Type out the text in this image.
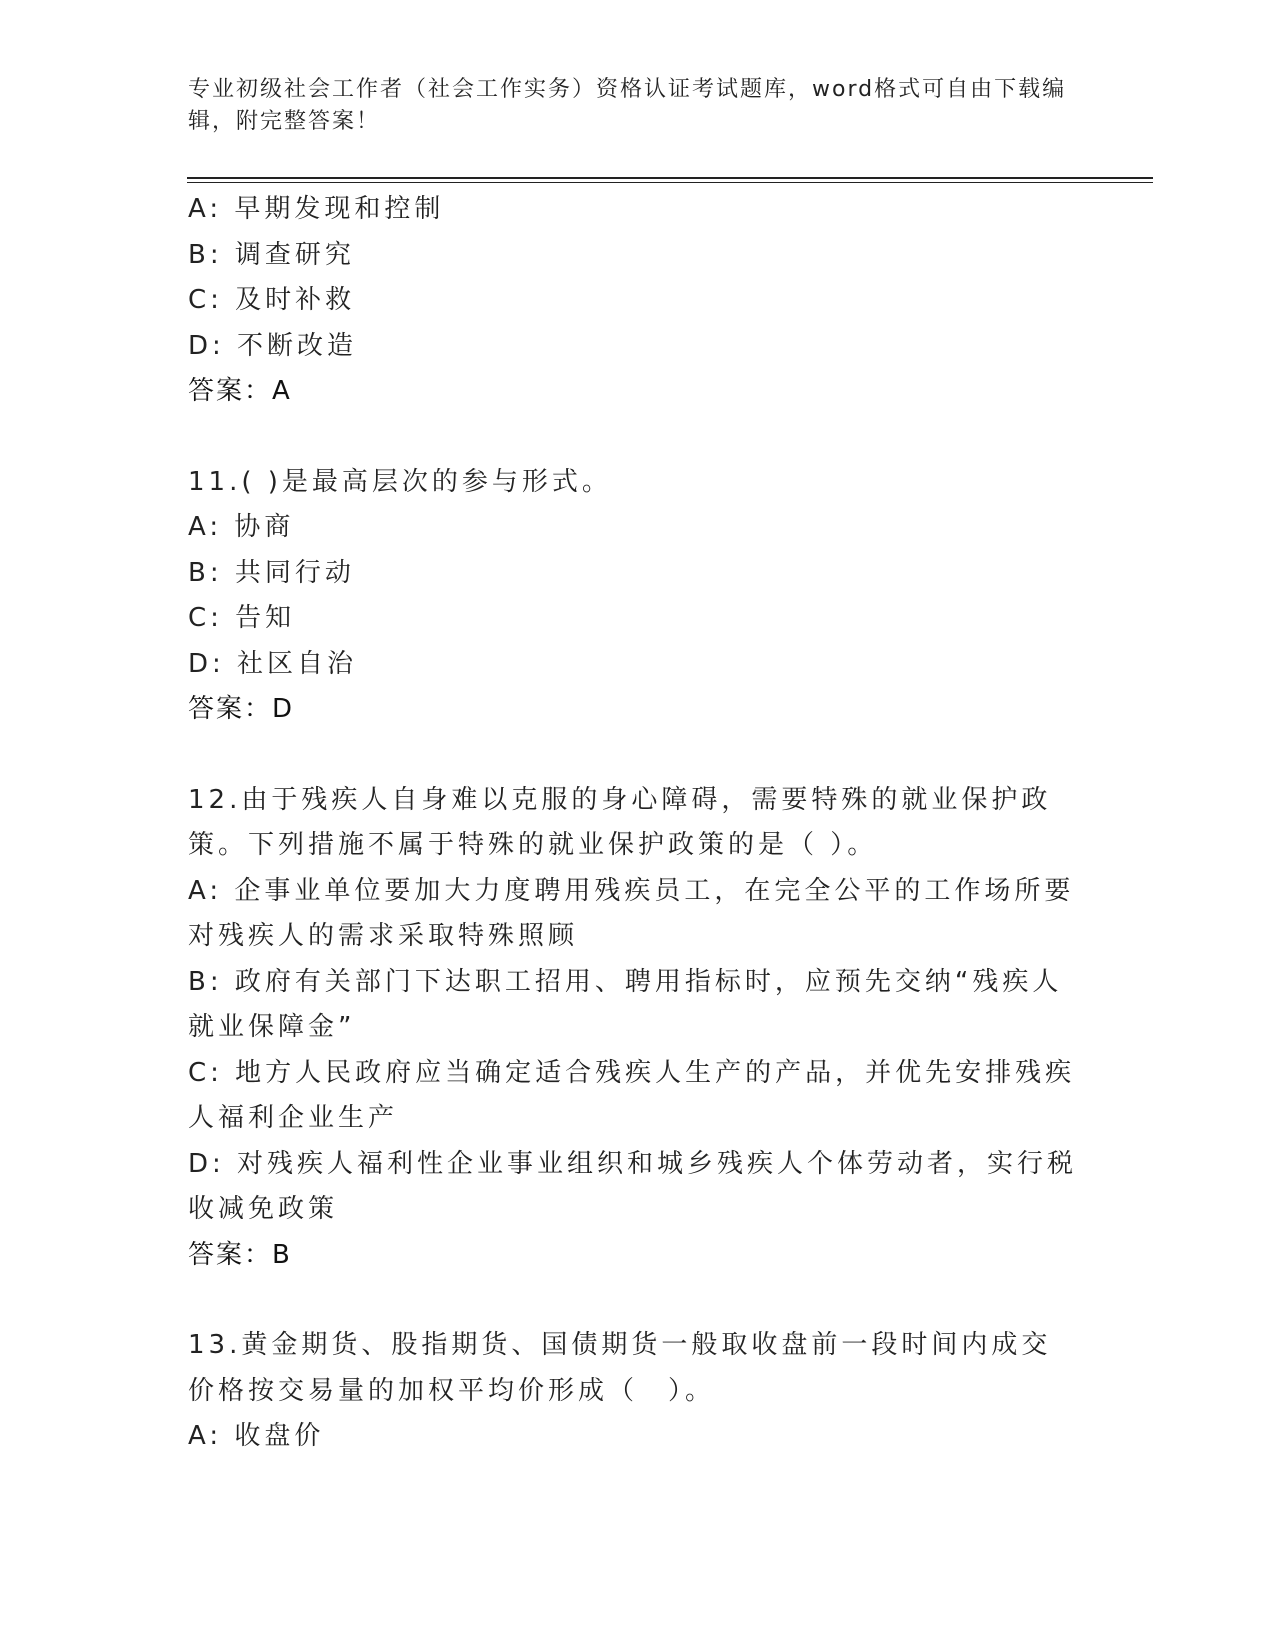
专业初级社会工作者（社会工作实务）资格认证考试题库，word格式可自由下载编辑，附完整答案！
A: 早期发现和控制
B: 调查研究
C: 及时补救
D: 不断改造
答案：A
11.( )是最高层次的参与形式。
A: 协商
B: 共同行动
C: 告知
D: 社区自治
答案：D
12.由于残疾人自身难以克服的身心障碍，需要特殊的就业保护政策。下列措施不属于特殊的就业保护政策的是（ ）。
A: 企事业单位要加大力度聘用残疾员工，在完全公平的工作场所要对残疾人的需求采取特殊照顾
B: 政府有关部门下达职工招用、聘用指标时，应预先交纳“残疾人就业保障金”
C: 地方人民政府应当确定适合残疾人生产的产品，并优先安排残疾人福利企业生产
D: 对残疾人福利性企业事业组织和城乡残疾人个体劳动者，实行税收减免政策
答案：B
13.黄金期货、股指期货、国债期货一般取收盘前一段时间内成交价格按交易量的加权平均价形成（　）。
A: 收盘价
